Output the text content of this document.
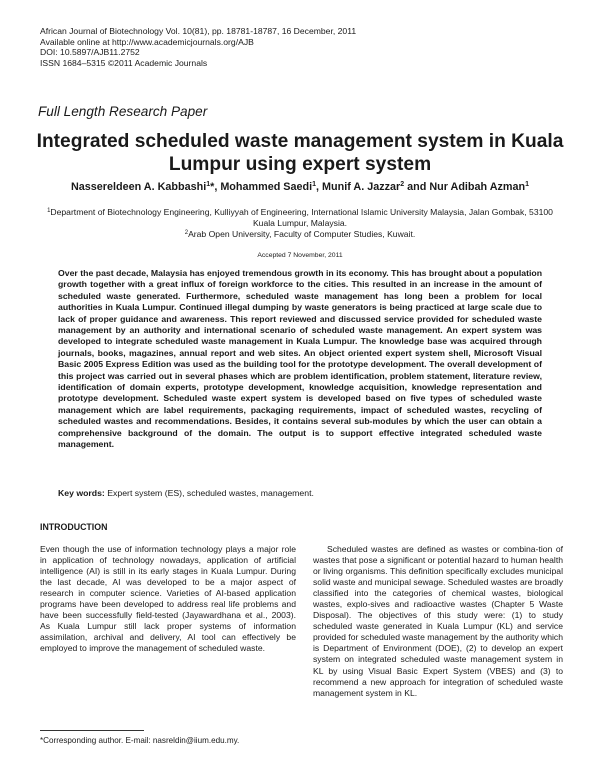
African Journal of Biotechnology Vol. 10(81), pp. 18781-18787, 16 December, 2011
Available online at http://www.academicjournals.org/AJB
DOI: 10.5897/AJB11.2752
ISSN 1684–5315 ©2011 Academic Journals
Full Length Research Paper
Integrated scheduled waste management system in Kuala Lumpur using expert system
Nassereldeen A. Kabbashi$^1$*, Mohammed Saedi$^1$, Munif A. Jazzar$^2$ and Nur Adibah Azman$^1$
$^1$Department of Biotechnology Engineering, Kulliyyah of Engineering, International Islamic University Malaysia, Jalan Gombak, 53100 Kuala Lumpur, Malaysia.
$^2$Arab Open University, Faculty of Computer Studies, Kuwait.
Accepted 7 November, 2011
Over the past decade, Malaysia has enjoyed tremendous growth in its economy. This has brought about a population growth together with a great influx of foreign workforce to the cities. This resulted in an increase in the amount of scheduled waste generated. Furthermore, scheduled waste management has long been a problem for local authorities in Kuala Lumpur. Continued illegal dumping by waste generators is being practiced at large scale due to lack of proper guidance and awareness. This report reviewed and discussed service provided for scheduled waste management by an authority and international scenario of scheduled waste management. An expert system was developed to integrate scheduled waste management in Kuala Lumpur. The knowledge base was acquired through journals, books, magazines, annual report and web sites. An object oriented expert system shell, Microsoft Visual Basic 2005 Express Edition was used as the building tool for the prototype development. The overall development of this project was carried out in several phases which are problem identification, problem statement, literature review, identification of domain experts, prototype development, knowledge acquisition, knowledge representation and prototype development. Scheduled waste expert system is developed based on five types of scheduled waste management which are label requirements, packaging requirements, impact of scheduled wastes, recycling of scheduled wastes and recommendations. Besides, it contains several sub-modules by which the user can obtain a comprehensive background of the domain. The output is to support effective integrated scheduled waste management.
Key words: Expert system (ES), scheduled wastes, management.
INTRODUCTION
Even though the use of information technology plays a major role in application of technology nowadays, application of artificial intelligence (AI) is still in its early stages in Kuala Lumpur. During the last decade, AI was developed to be a major aspect of research in computer science. Varieties of AI-based application programs have been developed to address real life problems and have been successfully field-tested (Jayawardhana et al., 2003). As Kuala Lumpur still lack proper systems of information assimilation, archival and delivery, AI tool can effectively be employed to improve the management of scheduled waste.
Scheduled wastes are defined as wastes or combina-tion of wastes that pose a significant or potential hazard to human health or living organisms. This definition specifically excludes municipal solid waste and municipal sewage. Scheduled wastes are broadly classified into the categories of chemical wastes, biological wastes, explo-sives and radioactive wastes (Chapter 5 Waste Disposal). The objectives of this study were: (1) to study scheduled waste generated in Kuala Lumpur (KL) and service provided for scheduled waste management by the authority which is Department of Environment (DOE), (2) to develop an expert system on integrated scheduled waste management system in KL by using Visual Basic Expert System (VBES) and (3) to recommend a new approach for integration of scheduled waste management system in KL.
*Corresponding author. E-mail: nasreldin@iium.edu.my.
